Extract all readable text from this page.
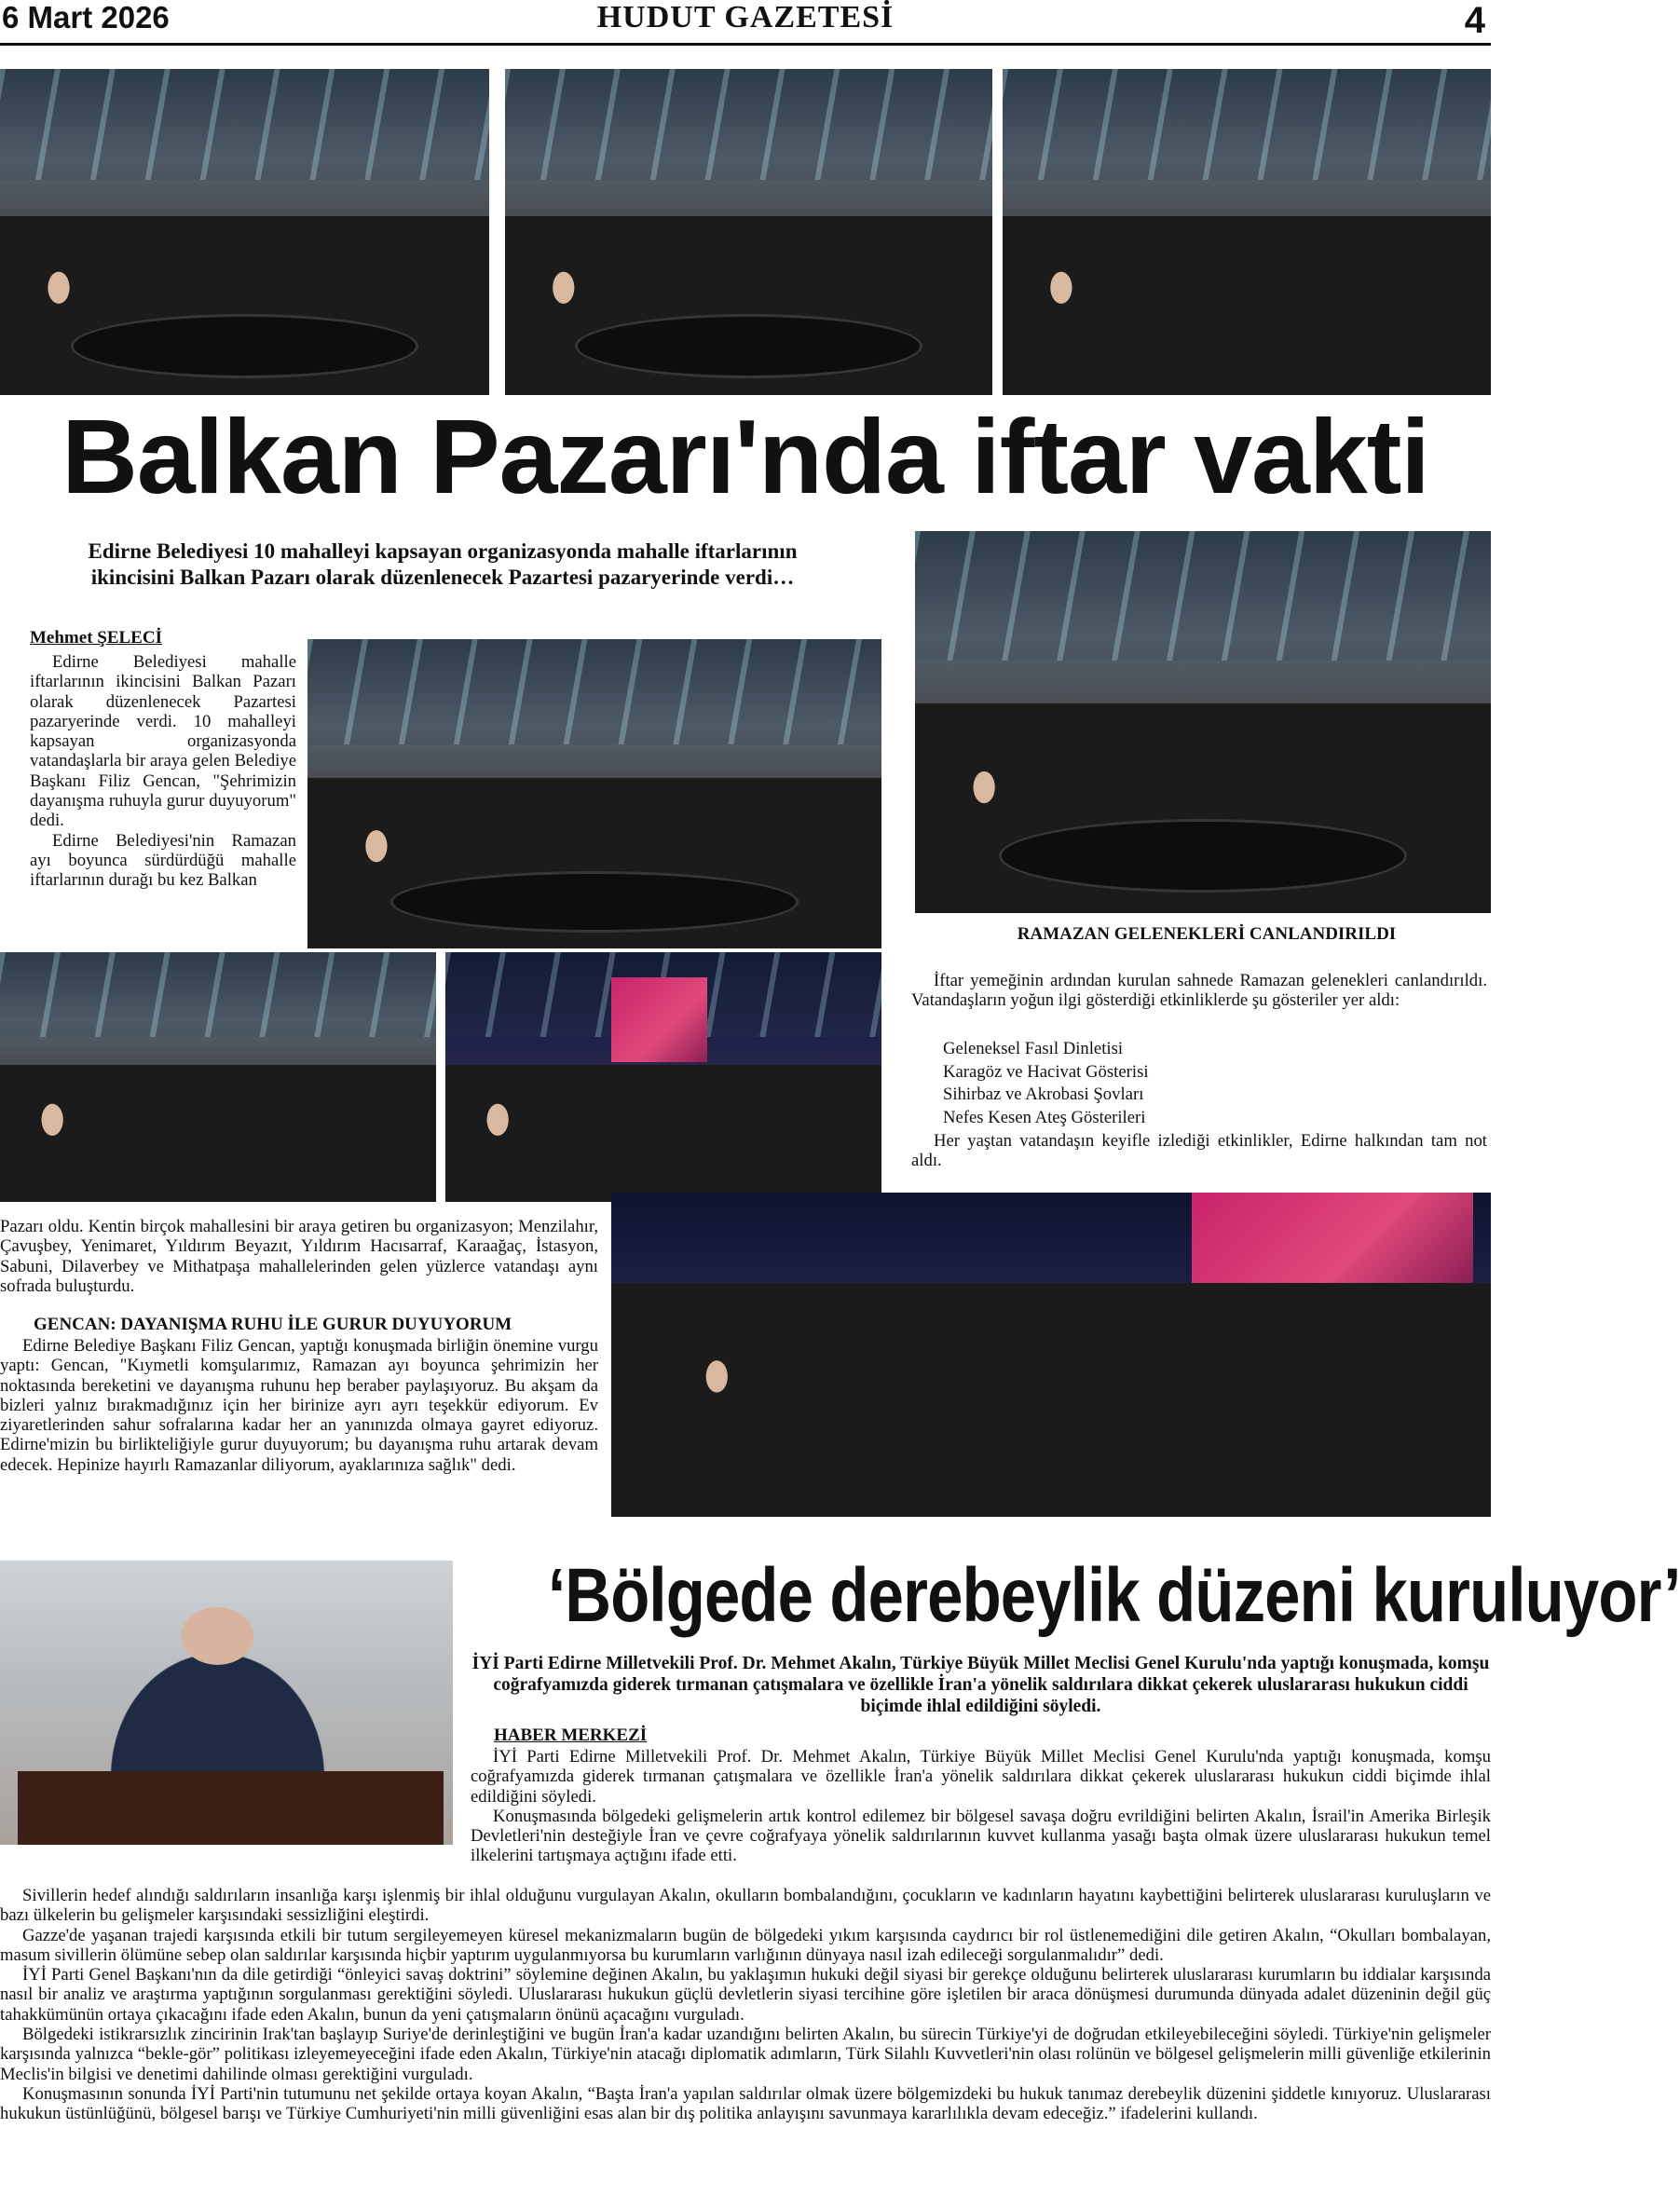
HUDUT GAZETESİ
6 Mart 2026	4
Balkan Pazarı'nda iftar vakti
Edirne Belediyesi 10 mahalleyi kapsayan organizasyonda mahalle iftarlarının ikincisini Balkan Pazarı olarak düzenlenecek Pazartesi pazaryerinde verdi…
Mehmet ŞELECİ

Edirne Belediyesi mahalle iftarlarının ikincisini Balkan Pazarı olarak düzenlenecek Pazartesi pazaryerinde verdi. 10 mahalleyi kapsayan organizasyonda vatandaşlarla bir araya gelen Belediye Başkanı Filiz Gencan, "Şehrimizin dayanışma ruhuyla gurur duyuyorum" dedi.

Edirne Belediyesi'nin Ramazan ayı boyunca sürdürdüğü mahalle iftarlarının durağı bu kez Balkan

RAMAZAN GELENEKLERİ CANLANDIRILDI

İftar yemeğinin ardından kurulan sahnede Ramazan gelenekleri canlandırıldı. Vatandaşların yoğun ilgi gösterdiği etkinliklerde şu gösteriler yer aldı:

Geleneksel Fasıl Dinletisi
Karagöz ve Hacivat Gösterisi
Sihirbaz ve Akrobasi Şovları
Nefes Kesen Ateş Gösterileri

Her yaştan vatandaşın keyifle izlediği etkinlikler, Edirne halkından tam not aldı.

Pazarı oldu. Kentin birçok mahallesini bir araya getiren bu organizasyon; Menzilahır, Çavuşbey, Yenimaret, Yıldırım Beyazıt, Yıldırım Hacısarraf, Karaağaç, İstasyon, Sabuni, Dilaverbey ve Mithatpaşa mahallelerinden gelen yüzlerce vatandaşı aynı sofrada buluşturdu.

GENCAN: DAYANIŞMA RUHU İLE GURUR DUYUYORUM

Edirne Belediye Başkanı Filiz Gencan, yaptığı konuşmada birliğin önemine vurgu yaptı: Gencan, "Kıymetli komşularımız, Ramazan ayı boyunca şehrimizin her noktasında bereketini ve dayanışma ruhunu hep beraber paylaşıyoruz. Bu akşam da bizleri yalnız bırakmadığınız için her birinize ayrı ayrı teşekkür ediyorum. Ev ziyaretlerinden sahur sofralarına kadar her an yanınızda olmaya gayret ediyoruz. Edirne'mizin bu birlikteliğiyle gurur duyuyorum; bu dayanışma ruhu artarak devam edecek. Hepinize hayırlı Ramazanlar diliyorum, ayaklarınıza sağlık" dedi.

‘Bölgede derebeylik düzeni kuruluyor’
İYİ Parti Edirne Milletvekili Prof. Dr. Mehmet Akalın, Türkiye Büyük Millet Meclisi Genel Kurulu'nda yaptığı konuşmada, komşu coğrafyamızda giderek tırmanan çatışmalara ve özellikle İran'a yönelik saldırılara dikkat çekerek uluslararası hukukun ciddi biçimde ihlal edildiğini söyledi.
HABER MERKEZİ

İYİ Parti Edirne Milletvekili Prof. Dr. Mehmet Akalın, Türkiye Büyük Millet Meclisi Genel Kurulu'nda yaptığı konuşmada, komşu coğrafyamızda giderek tırmanan çatışmalara ve özellikle İran'a yönelik saldırılara dikkat çekerek uluslararası hukukun ciddi biçimde ihlal edildiğini söyledi.

Konuşmasında bölgedeki gelişmelerin artık kontrol edilemez bir bölgesel savaşa doğru evrildiğini belirten Akalın, İsrail'in Amerika Birleşik Devletleri'nin desteğiyle İran ve çevre coğrafyaya yönelik saldırılarının kuvvet kullanma yasağı başta olmak üzere uluslararası hukukun temel ilkelerini tartışmaya açtığını ifade etti.

Sivillerin hedef alındığı saldırıların insanlığa karşı işlenmiş bir ihlal olduğunu vurgulayan Akalın, okulların bombalandığını, çocukların ve kadınların hayatını kaybettiğini belirterek uluslararası kuruluşların ve bazı ülkelerin bu gelişmeler karşısındaki sessizliğini eleştirdi.

Gazze'de yaşanan trajedi karşısında etkili bir tutum sergileyemeyen küresel mekanizmaların bugün de bölgedeki yıkım karşısında caydırıcı bir rol üstlenemediğini dile getiren Akalın, “Okulları bombalayan, masum sivillerin ölümüne sebep olan saldırılar karşısında hiçbir yaptırım uygulanmıyorsa bu kurumların varlığının dünyaya nasıl izah edileceği sorgulanmalıdır” dedi.

İYİ Parti Genel Başkanı'nın da dile getirdiği “önleyici savaş doktrini” söylemine değinen Akalın, bu yaklaşımın hukuki değil siyasi bir gerekçe olduğunu belirterek uluslararası kurumların bu iddialar karşısında nasıl bir analiz ve araştırma yaptığının sorgulanması gerektiğini söyledi. Uluslararası hukukun güçlü devletlerin siyasi tercihine göre işletilen bir araca dönüşmesi durumunda dünyada adalet düzeninin değil güç tahakkümünün ortaya çıkacağını ifade eden Akalın, bunun da yeni çatışmaların önünü açacağını vurguladı.

Bölgedeki istikrarsızlık zincirinin Irak'tan başlayıp Suriye'de derinleştiğini ve bugün İran'a kadar uzandığını belirten Akalın, bu sürecin Türkiye'yi de doğrudan etkileyebileceğini söyledi. Türkiye'nin gelişmeler karşısında yalnızca “bekle-gör” politikası izleyemeyeceğini ifade eden Akalın, Türkiye'nin atacağı diplomatik adımların, Türk Silahlı Kuvvetleri'nin olası rolünün ve bölgesel gelişmelerin milli güvenliğe etkilerinin Meclis'in bilgisi ve denetimi dahilinde olması gerektiğini vurguladı.

Konuşmasının sonunda İYİ Parti'nin tutumunu net şekilde ortaya koyan Akalın, “Başta İran'a yapılan saldırılar olmak üzere bölgemizdeki bu hukuk tanımaz derebeylik düzenini şiddetle kınıyoruz. Uluslararası hukukun üstünlüğünü, bölgesel barışı ve Türkiye Cumhuriyeti'nin milli güvenliğini esas alan bir dış politika anlayışını savunmaya kararlılıkla devam edeceğiz.” ifadelerini kullandı.
